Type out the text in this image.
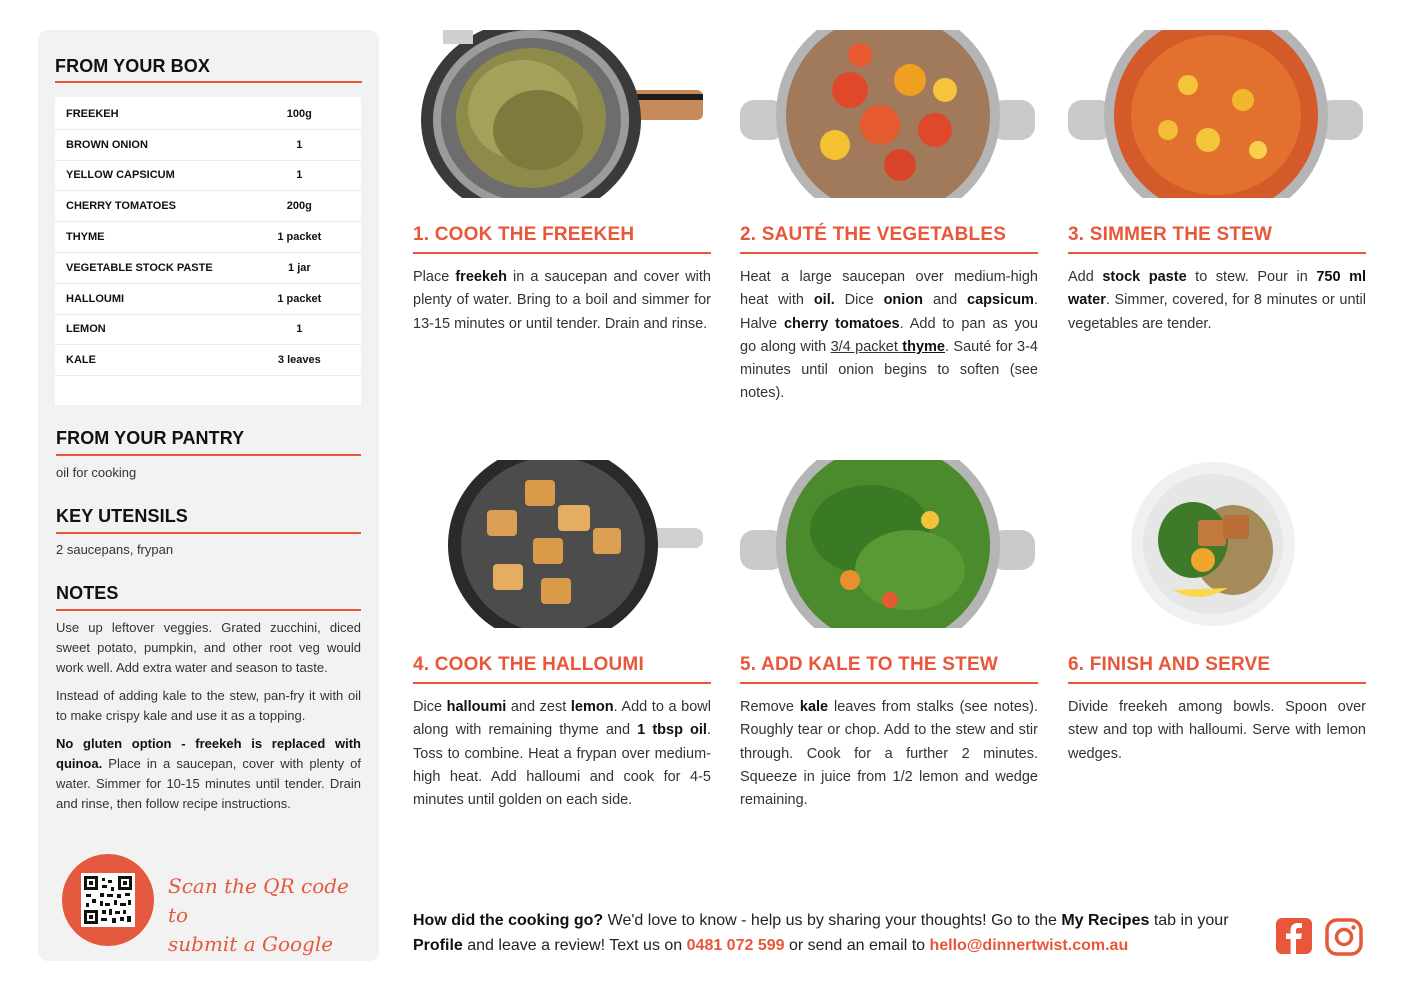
FROM YOUR BOX
FREEKEH	100g
BROWN ONION	1
YELLOW CAPSICUM	1
CHERRY TOMATOES	200g
THYME	1 packet
VEGETABLE STOCK PASTE	1 jar
HALLOUMI	1 packet
LEMON	1
KALE	3 leaves
FROM YOUR PANTRY
oil for cooking
KEY UTENSILS
2 saucepans, frypan
NOTES
Use up leftover veggies. Grated zucchini, diced sweet potato, pumpkin, and other root veg would work well. Add extra water and season to taste.
Instead of adding kale to the stew, pan-fry it with oil to make crispy kale and use it as a topping.
No gluten option - freekeh is replaced with quinoa. Place in a saucepan, cover with plenty of water. Simmer for 10-15 minutes until tender. Drain and rinse, then follow recipe instructions.
Scan the QR code to
submit a Google
1. COOK THE FREEKEH
Place freekeh in a saucepan and cover with plenty of water. Bring to a boil and simmer for 13-15 minutes or until tender. Drain and rinse.
2. SAUTÉ THE VEGETABLES
Heat a large saucepan over medium-high heat with oil. Dice onion and capsicum. Halve cherry tomatoes. Add to pan as you go along with 3/4 packet thyme. Sauté for 3-4 minutes until onion begins to soften (see notes).
3. SIMMER THE STEW
Add stock paste to stew. Pour in 750 ml water. Simmer, covered, for 8 minutes or until vegetables are tender.
4. COOK THE HALLOUMI
Dice halloumi and zest lemon. Add to a bowl along with remaining thyme and 1 tbsp oil. Toss to combine. Heat a frypan over medium-high heat. Add halloumi and cook for 4-5 minutes until golden on each side.
5. ADD KALE TO THE STEW
Remove kale leaves from stalks (see notes). Roughly tear or chop. Add to the stew and stir through. Cook for a further 2 minutes. Squeeze in juice from 1/2 lemon and wedge remaining.
6. FINISH AND SERVE
Divide freekeh among bowls. Spoon over stew and top with halloumi. Serve with lemon wedges.
How did the cooking go? We'd love to know - help us by sharing your thoughts! Go to the My Recipes tab in your Profile and leave a review! Text us on 0481 072 599 or send an email to hello@dinnertwist.com.au
